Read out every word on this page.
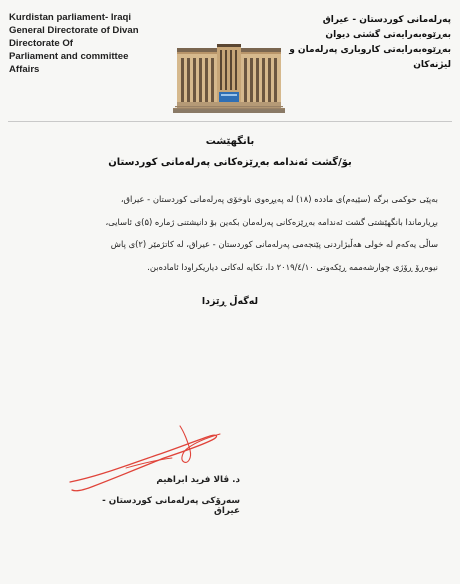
Kurdistan parliament- Iraqi
General Directorate of Divan
Directorate Of
Parliament and committee
Affairs
پەرلەمانی کوردستان - عیراق
بەڕێوەبەرایەتی گشتی دیوان
بەڕێوەبەرایەتی کاروباری پەرلەمان و
لیژنەکان
بانگهێشت
بۆ/گشت ئەندامە بەڕێزەکانی پەرلەمانی کوردستان
بەپێی حوکمی برگە (سێیەم)ی ماددە (۱۸) لە پەیڕەوی ناوخۆی پەرلەمانی کوردستان - عیراق،
بڕیارماندا بانگهێشتی گشت ئەندامە بەڕێزەکانی پەرلەمان بکەین بۆ دانیشتنی ژمارە (۵)ی ئاسایی،
ساڵی یەکەم لە خولی هەڵبژاردنی پێنجەمی پەرلەمانی کوردستان - عیراق، لە کاتژمێر (۲)ی پاش
نیوەڕۆ ڕۆژی چوارشەممە ڕێکەوتی ۲۰۱۹/٤/۱۰ دا، تکایە لەکاتی دیاریکراودا ئامادەبن.
لەگەڵ ڕێزدا
د. ڤالا فرید ابراهیم
سەرۆکی پەرلەمانی کوردستان - عیراق
